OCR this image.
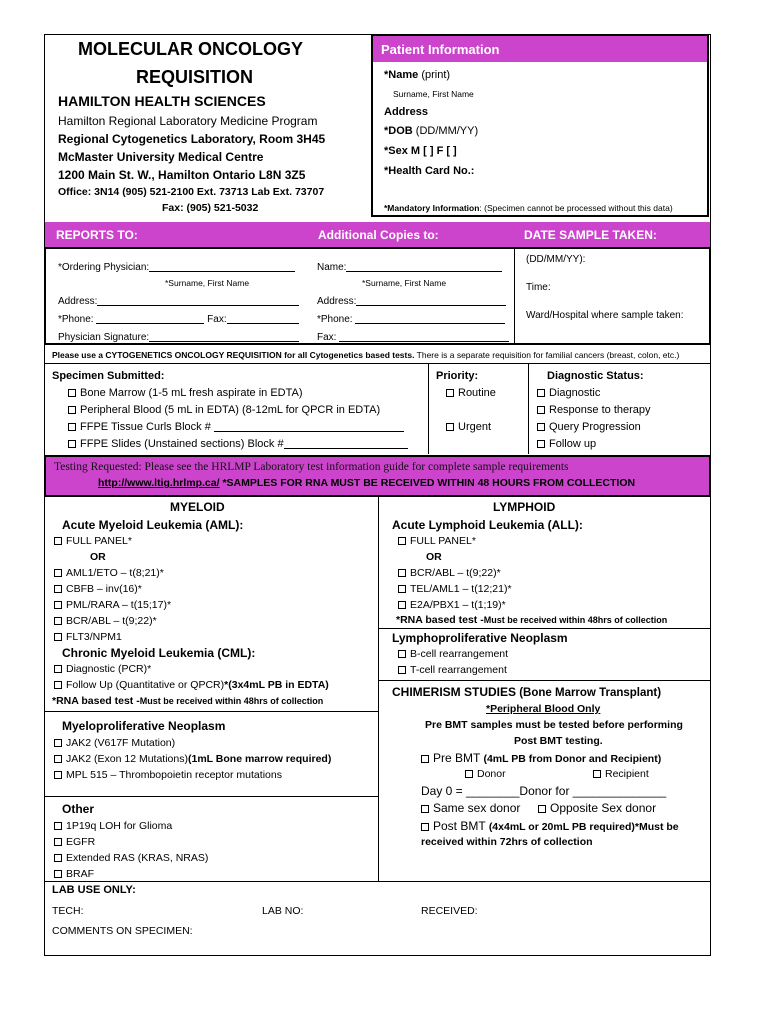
MOLECULAR ONCOLOGY
REQUISITION
HAMILTON HEALTH SCIENCES
Hamilton Regional Laboratory Medicine Program
Regional Cytogenetics Laboratory, Room 3H45
McMaster University Medical Centre
1200 Main St. W., Hamilton Ontario L8N 3Z5
Office: 3N14 (905) 521-2100 Ext. 73713 Lab Ext. 73707
Fax: (905) 521-5032
Patient Information
*Name (print)
Surname, First Name
Address
*DOB (DD/MM/YY)
*Sex M [ ] F [ ]
*Health Card No.:
*Mandatory Information: (Specimen cannot be processed without this data)
REPORTS TO:	Additional Copies to:	DATE SAMPLE TAKEN:
*Ordering Physician:
*Surname, First Name
Address:
*Phone:	Fax:
Physician Signature:
Name:
*Surname, First Name
Address:
*Phone:
Fax:
(DD/MM/YY):
Time:
Ward/Hospital where sample taken:
Please use a CYTOGENETICS ONCOLOGY REQUISITION for all Cytogenetics based tests. There is a separate requisition for familial cancers (breast, colon, etc.)
Specimen Submitted:
Bone Marrow (1-5 mL fresh aspirate in EDTA)
Peripheral Blood (5 mL in EDTA) (8-12mL for QPCR in EDTA)
FFPE Tissue Curls Block #
FFPE Slides (Unstained sections) Block #
Priority:
Routine
Urgent
Diagnostic Status:
Diagnostic
Response to therapy
Query Progression
Follow up
Testing Requested: Please see the HRLMP Laboratory test information guide for complete sample requirements
http://www.ltig.hrlmp.ca/ *SAMPLES FOR RNA MUST BE RECEIVED WITHIN 48 HOURS FROM COLLECTION
MYELOID
Acute Myeloid Leukemia (AML):
FULL PANEL*
OR
AML1/ETO – t(8;21)*
CBFB – inv(16)*
PML/RARA – t(15;17)*
BCR/ABL – t(9;22)*
FLT3/NPM1
Chronic Myeloid Leukemia (CML):
Diagnostic (PCR)*
Follow Up (Quantitative or QPCR)*(3x4mL PB in EDTA)
*RNA based test -Must be received within 48hrs of collection
Myeloproliferative Neoplasm
JAK2 (V617F Mutation)
JAK2 (Exon 12 Mutations)(1mL Bone marrow required)
MPL 515 – Thrombopoietin receptor mutations
Other
1P19q LOH for Glioma
EGFR
Extended RAS (KRAS, NRAS)
BRAF
LYMPHOID
Acute Lymphoid Leukemia (ALL):
FULL PANEL*
OR
BCR/ABL – t(9;22)*
TEL/AML1 – t(12;21)*
E2A/PBX1 – t(1;19)*
*RNA based test -Must be received within 48hrs of collection
Lymphoproliferative Neoplasm
B-cell rearrangement
T-cell rearrangement
CHIMERISM STUDIES (Bone Marrow Transplant)
*Peripheral Blood Only
Pre BMT samples must be tested before performing
Post BMT testing.
Pre BMT (4mL PB from Donor and Recipient)
Donor	Recipient
Day 0 = ________Donor for ______________
Same sex donor	Opposite Sex donor
Post BMT (4x4mL or 20mL PB required)*Must be
received within 72hrs of collection
LAB USE ONLY:
TECH:	LAB NO:	RECEIVED:
COMMENTS ON SPECIMEN:
